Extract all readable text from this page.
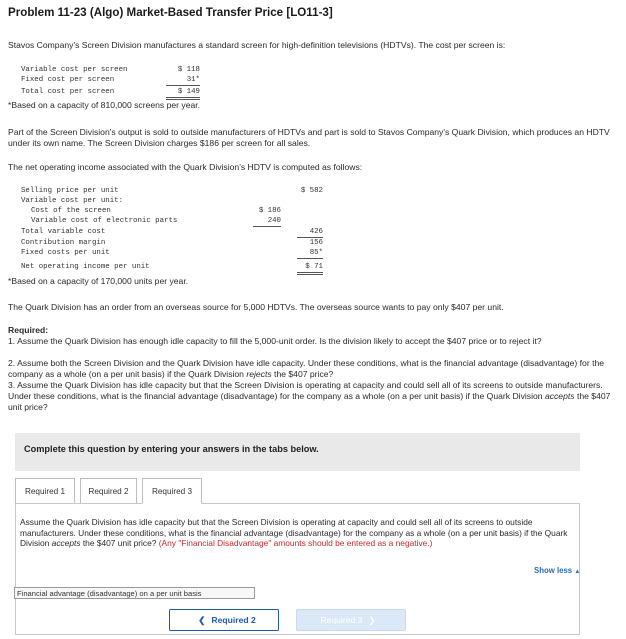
Problem 11-23 (Algo) Market-Based Transfer Price [LO11-3]
Stavos Company's Screen Division manufactures a standard screen for high-definition televisions (HDTVs). The cost per screen is:
Variable cost per screen	$ 118
Fixed cost per screen	31*
Total cost per screen	$ 149
*Based on a capacity of 810,000 screens per year.
Part of the Screen Division's output is sold to outside manufacturers of HDTVs and part is sold to Stavos Company's Quark Division, which produces an HDTV under its own name. The Screen Division charges $186 per screen for all sales.
The net operating income associated with the Quark Division's HDTV is computed as follows:
Selling price per unit	$ 582
Variable cost per unit:
Cost of the screen	$ 186
Variable cost of electronic parts	240
Total variable cost	426
Contribution margin	156
Fixed costs per unit	85*
Net operating income per unit	$ 71
*Based on a capacity of 170,000 units per year.
The Quark Division has an order from an overseas source for 5,000 HDTVs. The overseas source wants to pay only $407 per unit.
Required:
1. Assume the Quark Division has enough idle capacity to fill the 5,000-unit order. Is the division likely to accept the $407 price or to reject it?
2. Assume both the Screen Division and the Quark Division have idle capacity. Under these conditions, what is the financial advantage (disadvantage) for the company as a whole (on a per unit basis) if the Quark Division rejects the $407 price?
3. Assume the Quark Division has idle capacity but that the Screen Division is operating at capacity and could sell all of its screens to outside manufacturers. Under these conditions, what is the financial advantage (disadvantage) for the company as a whole (on a per unit basis) if the Quark Division accepts the $407 unit price?
Complete this question by entering your answers in the tabs below.
Required 1	Required 2	Required 3
Assume the Quark Division has idle capacity but that the Screen Division is operating at capacity and could sell all of its screens to outside manufacturers. Under these conditions, what is the financial advantage (disadvantage) for the company as a whole (on a per unit basis) if the Quark Division accepts the $407 unit price? (Any "Financial Disadvantage" amounts should be entered as a negative.)
Show less ▲
Financial advantage (disadvantage) on a per unit basis
❮ Required 2	Required 3 ❯
